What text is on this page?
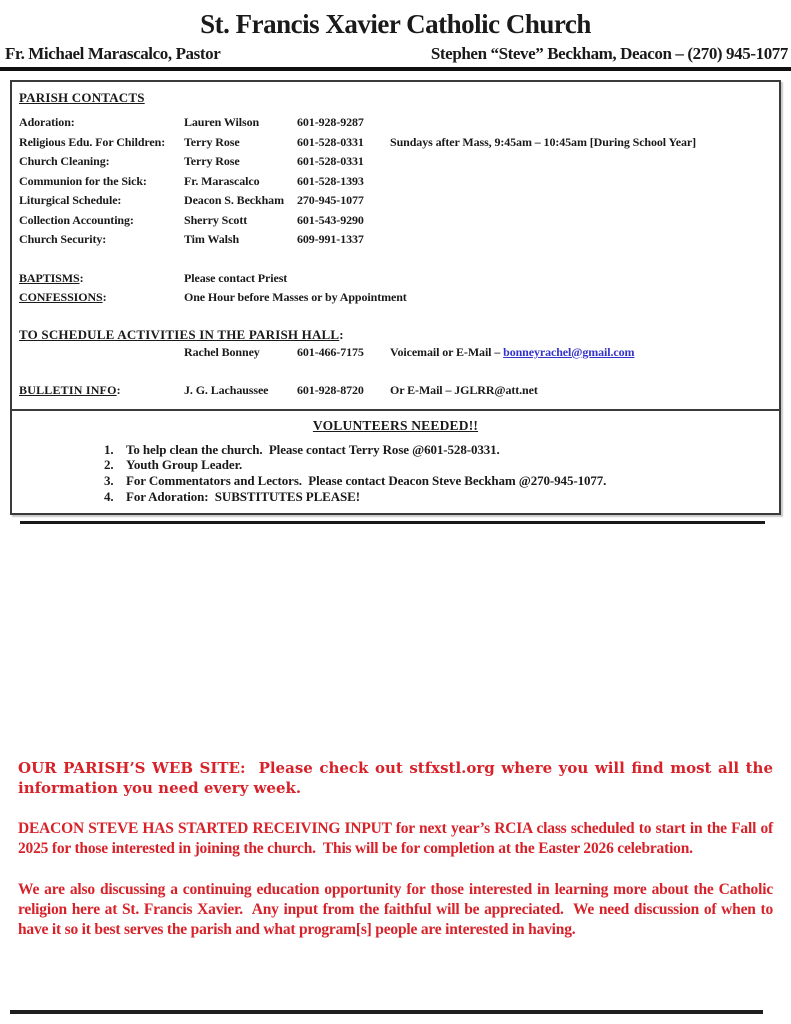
St. Francis Xavier Catholic Church
Fr. Michael Marascalco, Pastor	Stephen “Steve” Beckham, Deacon – (270) 945-1077
PARISH CONTACTS
Adoration:	Lauren Wilson	601-928-9287
Religious Edu. For Children:	Terry Rose	601-528-0331	Sundays after Mass, 9:45am – 10:45am [During School Year]
Church Cleaning:	Terry Rose	601-528-0331
Communion for the Sick:	Fr. Marascalco	601-528-1393
Liturgical Schedule:	Deacon S. Beckham	270-945-1077
Collection Accounting:	Sherry Scott	601-543-9290
Church Security:	Tim Walsh	609-991-1337
BAPTISMS:	Please contact Priest
CONFESSIONS:	One Hour before Masses or by Appointment
TO SCHEDULE ACTIVITIES IN THE PARISH HALL:
Rachel Bonney	601-466-7175	Voicemail or E-Mail – bonneyrachel@gmail.com
BULLETIN INFO:	J. G. Lachaussee	601-928-8720	Or E-Mail – JGLRR@att.net
VOLUNTEERS NEEDED!!
1. To help clean the church.  Please contact Terry Rose @601-528-0331.
2. Youth Group Leader.
3. For Commentators and Lectors.  Please contact Deacon Steve Beckham @270-945-1077.
4. For Adoration:  SUBSTITUTES PLEASE!

OUR PARISH’S WEB SITE:  Please check out stfxstl.org where you will find most all the information you need every week.

DEACON STEVE HAS STARTED RECEIVING INPUT for next year’s RCIA class scheduled to start in the Fall of 2025 for those interested in joining the church.  This will be for completion at the Easter 2026 celebration.

We are also discussing a continuing education opportunity for those interested in learning more about the Catholic religion here at St. Francis Xavier.  Any input from the faithful will be appreciated.  We need discussion of when to have it so it best serves the parish and what program[s] people are interested in having.
